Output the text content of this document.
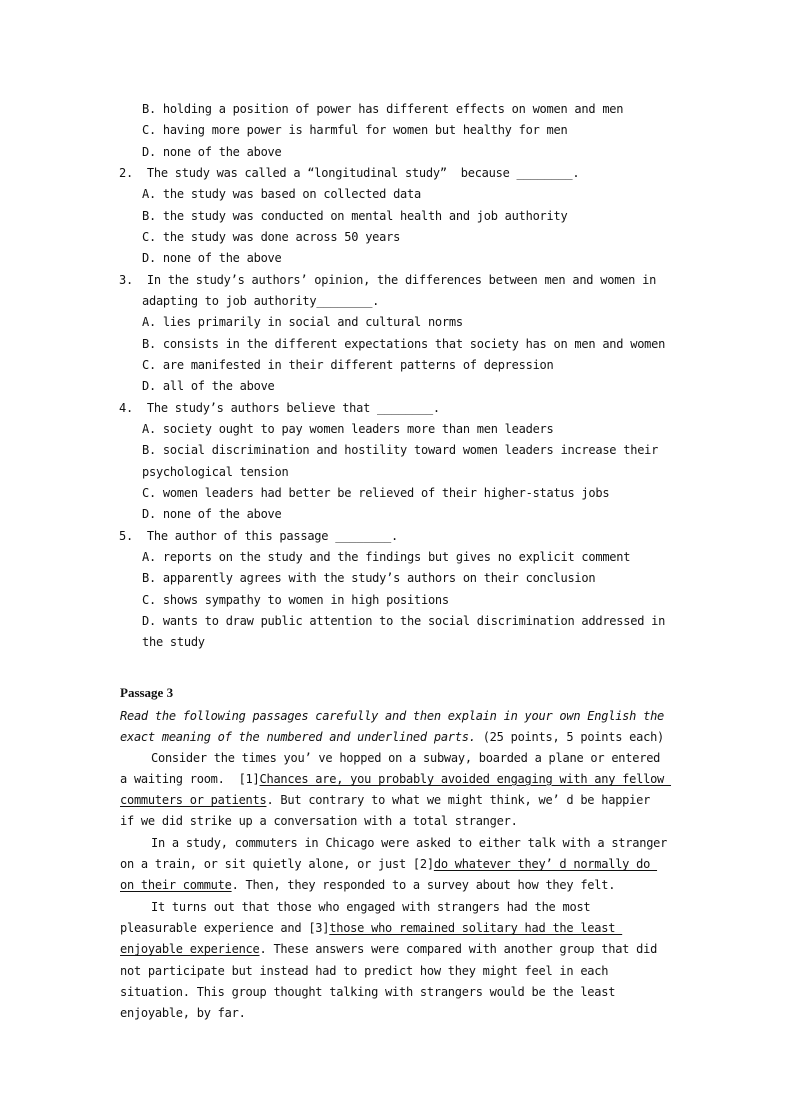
B. holding a position of power has different effects on women and men
C. having more power is harmful for women but healthy for men
D. none of the above
2.  The study was called a “longitudinal study”  because ________.
A. the study was based on collected data
B. the study was conducted on mental health and job authority
C. the study was done across 50 years
D. none of the above
3.  In the study’s authors’ opinion, the differences between men and women in
adapting to job authority________.
A. lies primarily in social and cultural norms
B. consists in the different expectations that society has on men and women
C. are manifested in their different patterns of depression
D. all of the above
4.  The study’s authors believe that ________.
A. society ought to pay women leaders more than men leaders
B. social discrimination and hostility toward women leaders increase their
psychological tension
C. women leaders had better be relieved of their higher-status jobs
D. none of the above
5.  The author of this passage ________.
A. reports on the study and the findings but gives no explicit comment
B. apparently agrees with the study’s authors on their conclusion
C. shows sympathy to women in high positions
D. wants to draw public attention to the social discrimination addressed in
the study
Passage 3
Read the following passages carefully and then explain in your own English the
exact meaning of the numbered and underlined parts. (25 points, 5 points each)
Consider the times you’ ve hopped on a subway, boarded a plane or entered
a waiting room.  [1]Chances are, you probably avoided engaging with any fellow
commuters or patients. But contrary to what we might think, we’ d be happier
if we did strike up a conversation with a total stranger.
In a study, commuters in Chicago were asked to either talk with a stranger
on a train, or sit quietly alone, or just [2]do whatever they’ d normally do
on their commute. Then, they responded to a survey about how they felt.
It turns out that those who engaged with strangers had the most
pleasurable experience and [3]those who remained solitary had the least
enjoyable experience. These answers were compared with another group that did
not participate but instead had to predict how they might feel in each
situation. This group thought talking with strangers would be the least
enjoyable, by far.
